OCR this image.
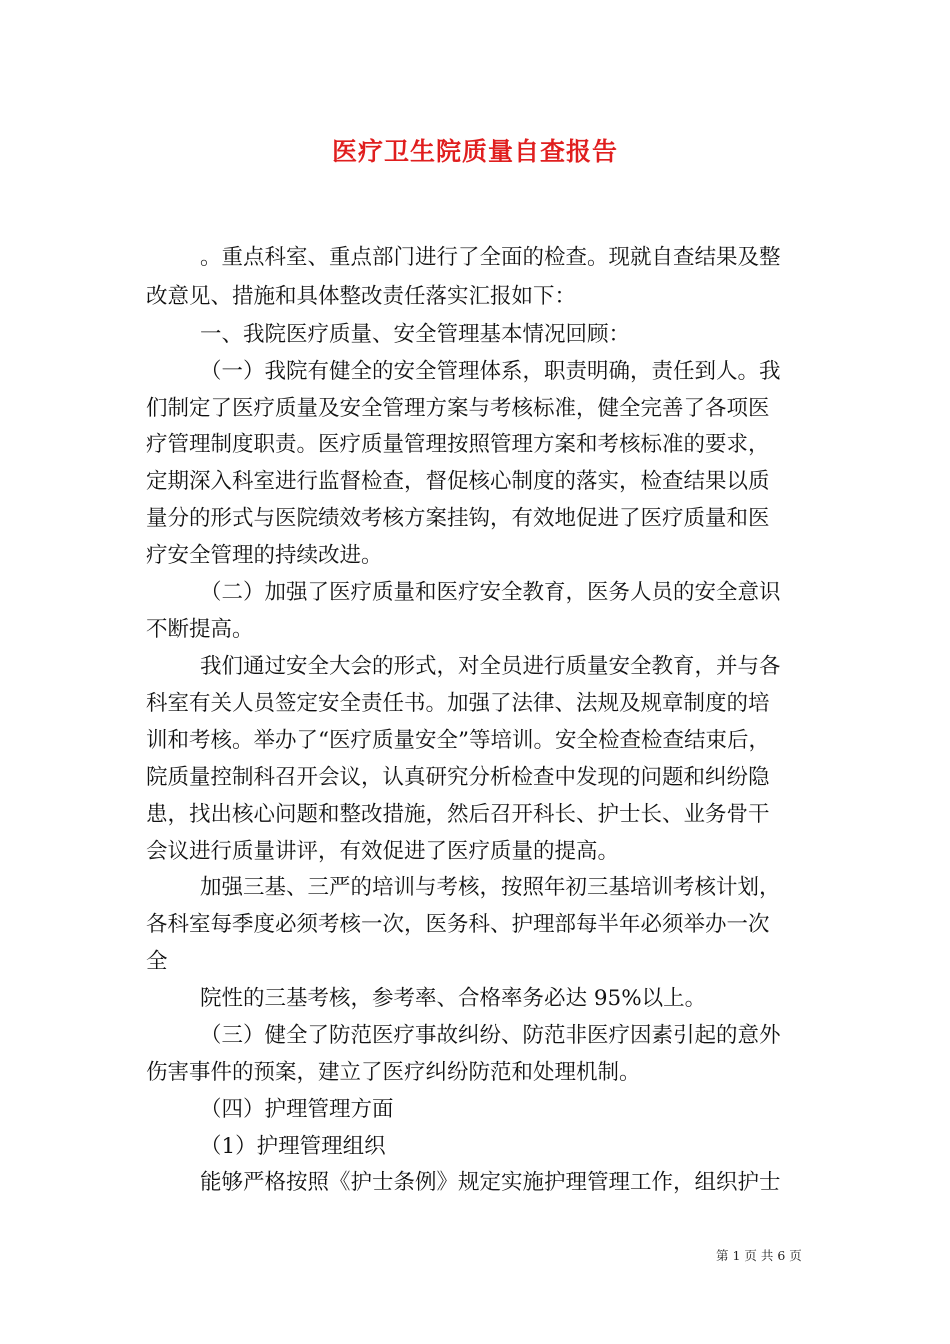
医疗卫生院质量自查报告
。重点科室、重点部门进行了全面的检查。现就自查结果及整
改意见、措施和具体整改责任落实汇报如下：
一、我院医疗质量、安全管理基本情况回顾：
（一）我院有健全的安全管理体系，职责明确，责任到人。我
们制定了医疗质量及安全管理方案与考核标准，健全完善了各项医
疗管理制度职责。医疗质量管理按照管理方案和考核标准的要求，
定期深入科室进行监督检查，督促核心制度的落实，检查结果以质
量分的形式与医院绩效考核方案挂钩，有效地促进了医疗质量和医
疗安全管理的持续改进。
（二）加强了医疗质量和医疗安全教育，医务人员的安全意识
不断提高。
我们通过安全大会的形式，对全员进行质量安全教育，并与各
科室有关人员签定安全责任书。加强了法律、法规及规章制度的培
训和考核。举办了“医疗质量安全”等培训。安全检查检查结束后，
院质量控制科召开会议，认真研究分析检查中发现的问题和纠纷隐
患，找出核心问题和整改措施，然后召开科长、护士长、业务骨干
会议进行质量讲评，有效促进了医疗质量的提高。
加强三基、三严的培训与考核，按照年初三基培训考核计划，
各科室每季度必须考核一次，医务科、护理部每半年必须举办一次
全
院性的三基考核，参考率、合格率务必达 95%以上。
（三）健全了防范医疗事故纠纷、防范非医疗因素引起的意外
伤害事件的预案，建立了医疗纠纷防范和处理机制。
（四）护理管理方面
（1）护理管理组织
能够严格按照《护士条例》规定实施护理管理工作，组织护士
第 1 页 共 6 页
